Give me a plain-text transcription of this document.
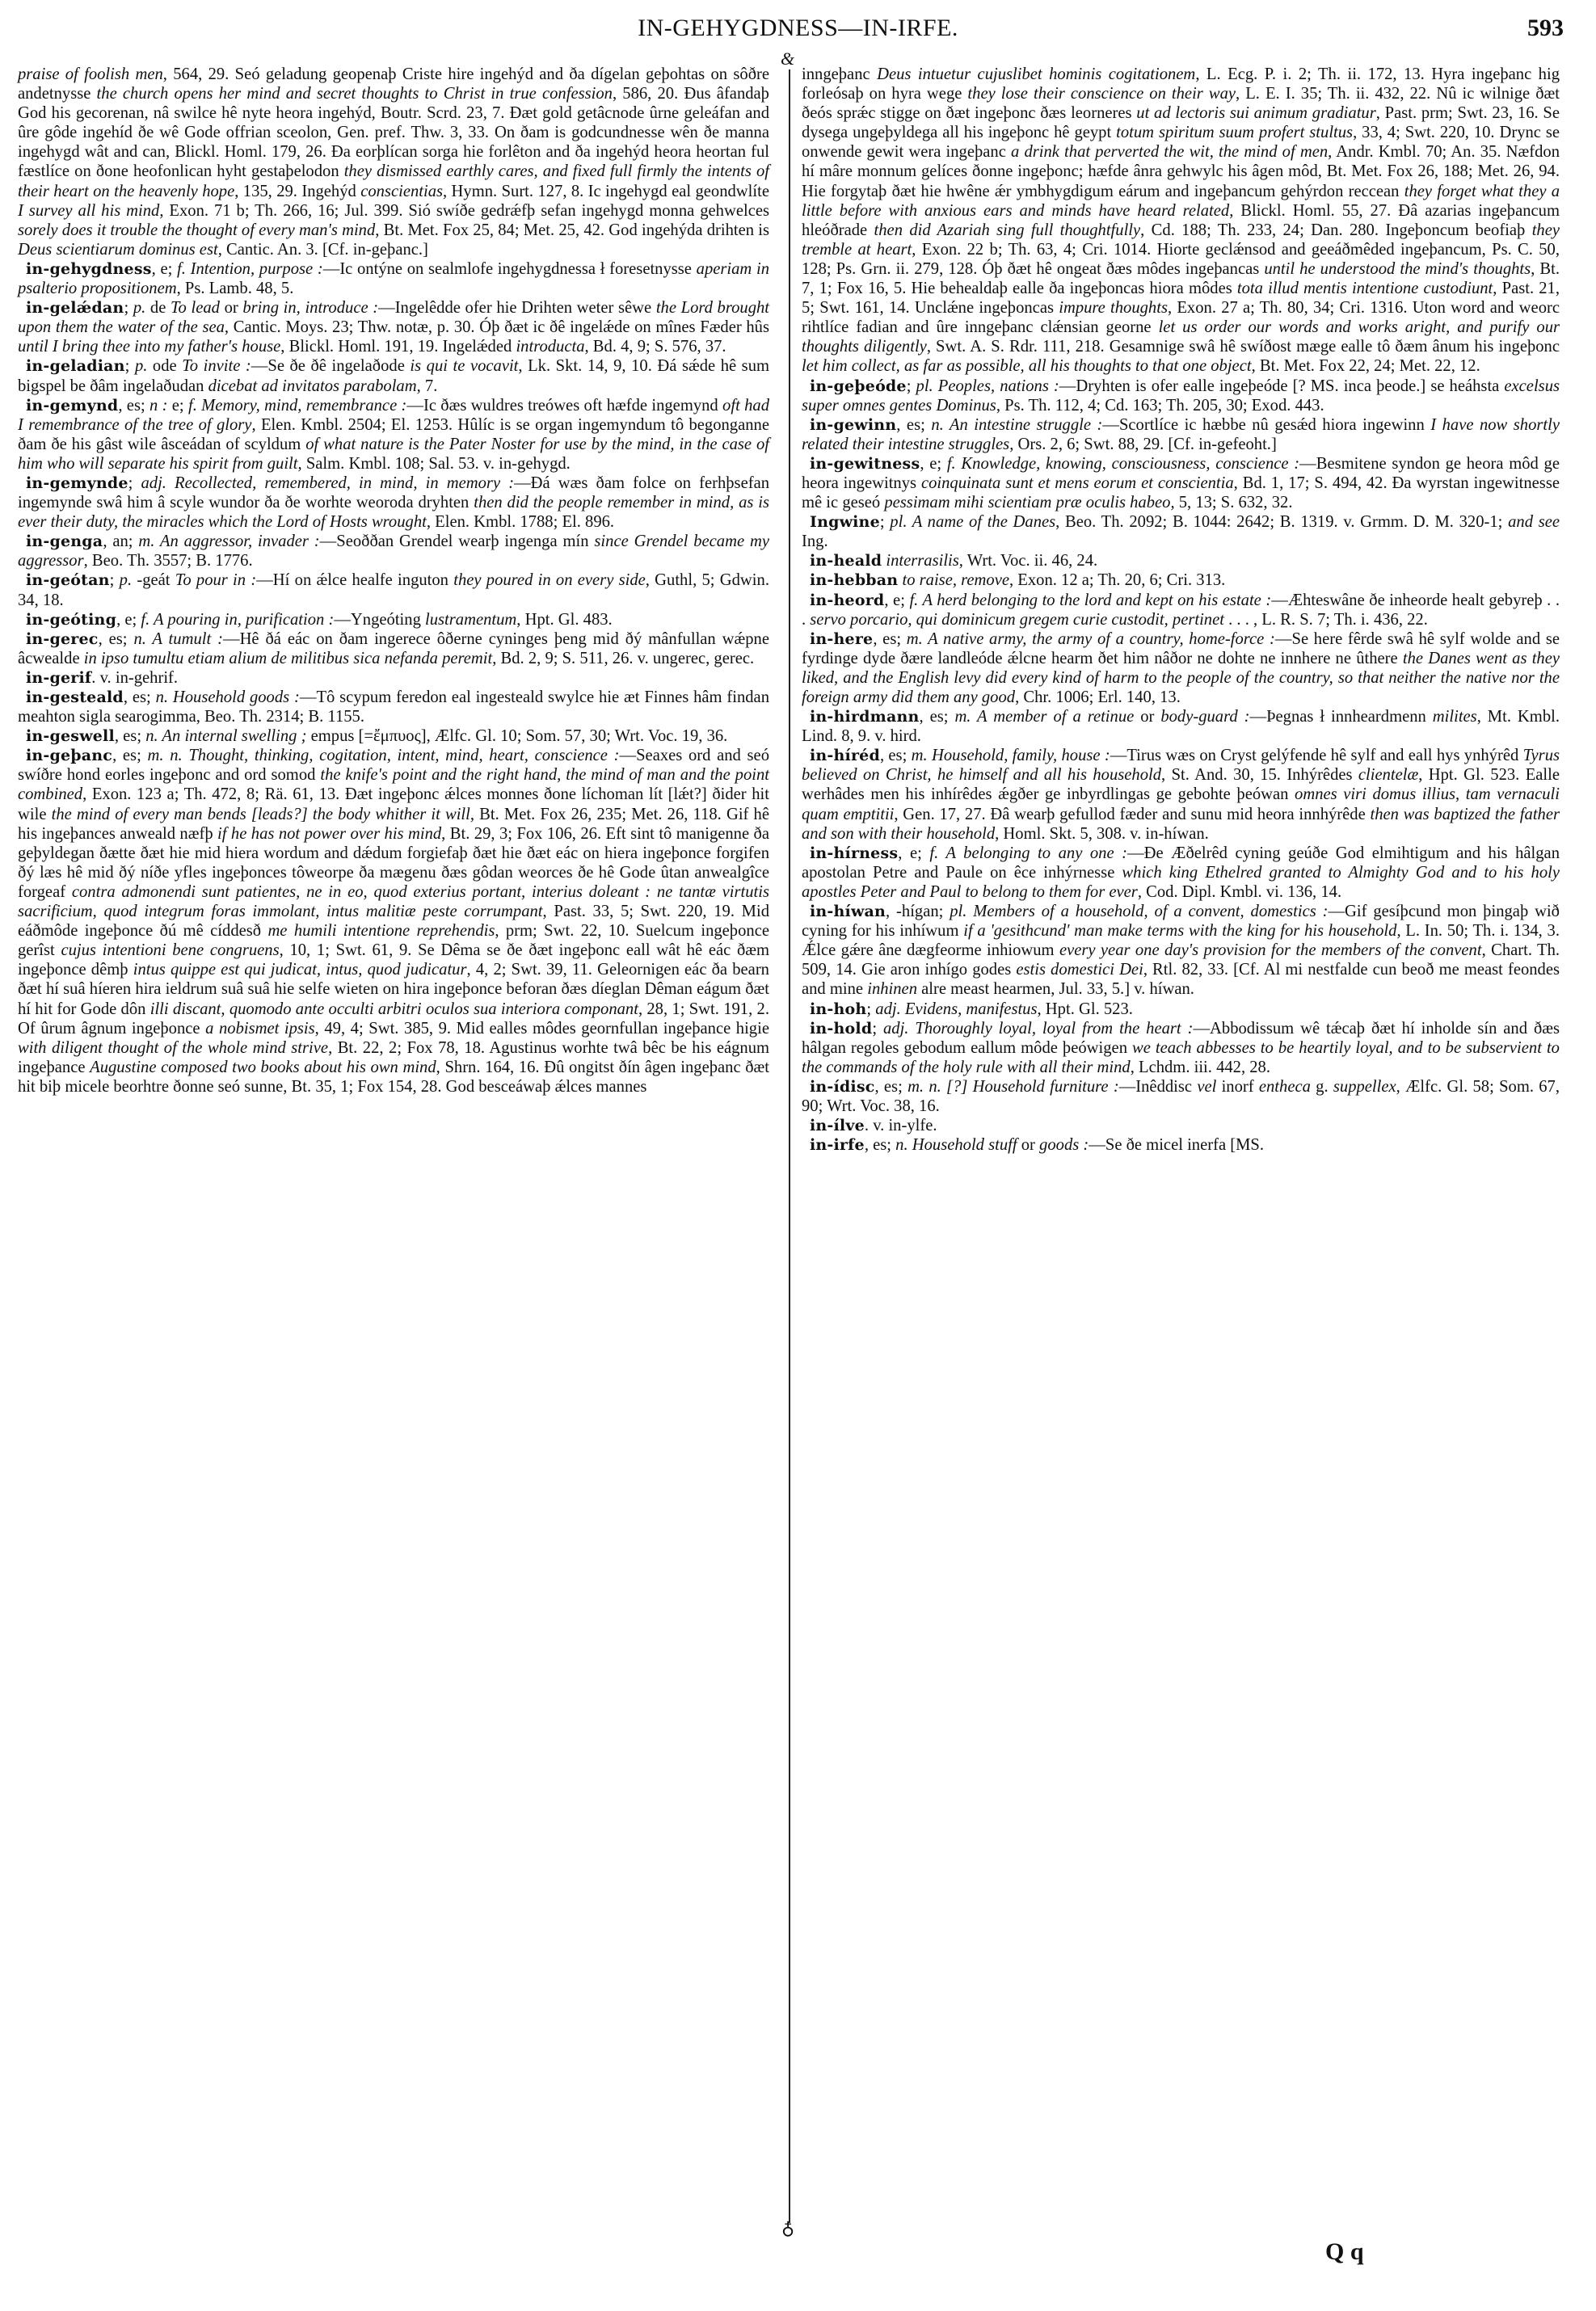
IN-GEHYGDNESS—IN-IRFE.	593
&
♁

praise of foolish men, 564, 29. Seó geladung geopenaþ Criste hire ingehýd and ða dígelan geþohtas on sôðre andetnysse the church opens her mind and secret thoughts to Christ in true confession, 586, 20. Ðus âfandaþ God his gecorenan, nâ swilce hê nyte heora ingehýd, Boutr. Scrd. 23, 7. Ðæt gold getâcnode ûrne geleáfan and ûre gôde ingehíd ðe wê Gode offrian sceolon, Gen. pref. Thw. 3, 33. On ðam is godcundnesse wên ðe manna ingehygd wât and can, Blickl. Homl. 179, 26. Ða eorþlícan sorga hie forlêton and ða ingehýd heora heortan ful fæstlíce on ðone heofonlican hyht gestaþelodon they dismissed earthly cares, and fixed full firmly the intents of their heart on the heavenly hope, 135, 29. Ingehýd conscientias, Hymn. Surt. 127, 8. Ic ingehygd eal geondwlíte I survey all his mind, Exon. 71 b; Th. 266, 16; Jul. 399. Sió swíðe gedrǽfþ sefan ingehygd monna gehwelces sorely does it trouble the thought of every man's mind, Bt. Met. Fox 25, 84; Met. 25, 42. God ingehýda drihten is Deus scientiarum dominus est, Cantic. An. 3. [Cf. in-geþanc.]

in-gehygdness, e; f. Intention, purpose :—Ic ontýne on sealmlofe ingehygdnessa ł foresetnysse aperiam in psalterio propositionem, Ps. Lamb. 48, 5.

in-gelǽdan; p. de To lead or bring in, introduce :—Ingelêdde ofer hie Drihten weter sêwe the Lord brought upon them the water of the sea, Cantic. Moys. 23; Thw. notæ, p. 30. Óþ ðæt ic ðê ingelǽde on mînes Fæder hûs until I bring thee into my father's house, Blickl. Homl. 191, 19. Ingelǽded introducta, Bd. 4, 9; S. 576, 37.

in-geladian; p. ode To invite :—Se ðe ðê ingelaðode is qui te vocavit, Lk. Skt. 14, 9, 10. Ðá sǽde hê sum bigspel be ðâm ingelaðudan dicebat ad invitatos parabolam, 7.

in-gemynd, es; n : e; f. Memory, mind, remembrance :—Ic ðæs wuldres treówes oft hæfde ingemynd oft had I remembrance of the tree of glory, Elen. Kmbl. 2504; El. 1253. Hûlíc is se organ ingemyndum tô begonganne ðam ðe his gâst wile âsceádan of scyldum of what nature is the Pater Noster for use by the mind, in the case of him who will separate his spirit from guilt, Salm. Kmbl. 108; Sal. 53. v. in-gehygd.

in-gemynde; adj. Recollected, remembered, in mind, in memory :—Ðá wæs ðam folce on ferhþsefan ingemynde swâ him â scyle wundor ða ðe worhte weoroda dryhten then did the people remember in mind, as is ever their duty, the miracles which the Lord of Hosts wrought, Elen. Kmbl. 1788; El. 896.

in-genga, an; m. An aggressor, invader :—Seoððan Grendel wearþ ingenga mín since Grendel became my aggressor, Beo. Th. 3557; B. 1776.

in-geótan; p. -geát To pour in :—Hí on ǽlce healfe inguton they poured in on every side, Guthl, 5; Gdwin. 34, 18.

in-geóting, e; f. A pouring in, purification :—Yngeóting lustramentum, Hpt. Gl. 483.

in-gerec, es; n. A tumult :—Hê ðá eác on ðam ingerece ôðerne cyninges þeng mid ðý mânfullan wǽpne âcwealde in ipso tumultu etiam alium de militibus sica nefanda peremit, Bd. 2, 9; S. 511, 26. v. ungerec, gerec.

in-gerif. v. in-gehrif.

in-gesteald, es; n. Household goods :—Tô scypum feredon eal ingesteald swylce hie æt Finnes hâm findan meahton sigla searogimma, Beo. Th. 2314; B. 1155.

in-geswell, es; n. An internal swelling ; empus [=ἔμπυος], Ælfc. Gl. 10; Som. 57, 30; Wrt. Voc. 19, 36.

in-geþanc, es; m. n. Thought, thinking, cogitation, intent, mind, heart, conscience :—Seaxes ord and seó swíðre hond eorles ingeþonc and ord somod the knife's point and the right hand, the mind of man and the point combined, Exon. 123 a; Th. 472, 8; Rä. 61, 13. Ðæt ingeþonc ǽlces monnes ðone líchoman lít [lǽt?] ðider hit wile the mind of every man bends [leads?] the body whither it will, Bt. Met. Fox 26, 235; Met. 26, 118. Gif hê his ingeþances anweald næfþ if he has not power over his mind, Bt. 29, 3; Fox 106, 26. Eft sint tô manigenne ða geþyldegan ðætte ðæt hie mid hiera wordum and dǽdum forgiefaþ ðæt hie ðæt eác on hiera ingeþonce forgifen ðý læs hê mid ðý níðe yfles ingeþonces tôweorpe ða mægenu ðæs gôdan weorces ðe hê Gode ûtan anwealgîce forgeaf contra admonendi sunt patientes, ne in eo, quod exterius portant, interius doleant : ne tantæ virtutis sacrificium, quod integrum foras immolant, intus malitiæ peste corrumpant, Past. 33, 5; Swt. 220, 19. Mid eáðmôde ingeþonce ðú mê cíddesð me humili intentione reprehendis, prm; Swt. 22, 10. Suelcum ingeþonce gerîst cujus intentioni bene congruens, 10, 1; Swt. 61, 9. Se Dêma se ðe ðæt ingeþonc eall wât hê eác ðæm ingeþonce dêmþ intus quippe est qui judicat, intus, quod judicatur, 4, 2; Swt. 39, 11. Geleornigen eác ða bearn ðæt hí suâ híeren hira ieldrum suâ suâ hie selfe wieten on hira ingeþonce beforan ðæs díeglan Dêman eágum ðæt hí hit for Gode dôn illi discant, quomodo ante occulti arbitri oculos sua interiora componant, 28, 1; Swt. 191, 2. Of ûrum âgnum ingeþonce a nobismet ipsis, 49, 4; Swt. 385, 9. Mid ealles môdes geornfullan ingeþance higie with diligent thought of the whole mind strive, Bt. 22, 2; Fox 78, 18. Agustinus worhte twâ bêc be his eágnum ingeþance Augustine composed two books about his own mind, Shrn. 164, 16. Ðû ongitst ðín âgen ingeþanc ðæt hit biþ micele beorhtre ðonne seó sunne, Bt. 35, 1; Fox 154, 28. God besceáwaþ ǽlces mannes

inngeþanc Deus intuetur cujuslibet hominis cogitationem, L. Ecg. P. i. 2; Th. ii. 172, 13. Hyra ingeþanc hig forleósaþ on hyra wege they lose their conscience on their way, L. E. I. 35; Th. ii. 432, 22. Nû ic wilnige ðæt ðeós sprǽc stigge on ðæt ingeþonc ðæs leorneres ut ad lectoris sui animum gradiatur, Past. prm; Swt. 23, 16. Se dysega ungeþyldega all his ingeþonc hê geypt totum spiritum suum profert stultus, 33, 4; Swt. 220, 10. Drync se onwende gewit wera ingeþanc a drink that perverted the wit, the mind of men, Andr. Kmbl. 70; An. 35. Næfdon hí mâre monnum gelíces ðonne ingeþonc; hæfde ânra gehwylc his âgen môd, Bt. Met. Fox 26, 188; Met. 26, 94. Hie forgytaþ ðæt hie hwêne ǽr ymbhygdigum eárum and ingeþancum gehýrdon reccean they forget what they a little before with anxious ears and minds have heard related, Blickl. Homl. 55, 27. Ðâ azarias ingeþancum hleóðrade then did Azariah sing full thoughtfully, Cd. 188; Th. 233, 24; Dan. 280. Ingeþoncum beofiaþ they tremble at heart, Exon. 22 b; Th. 63, 4; Cri. 1014. Hiorte geclǽnsod and geeáðmêded ingeþancum, Ps. C. 50, 128; Ps. Grn. ii. 279, 128. Óþ ðæt hê ongeat ðæs môdes ingeþancas until he understood the mind's thoughts, Bt. 7, 1; Fox 16, 5. Hie behealdaþ ealle ða ingeþoncas hiora môdes tota illud mentis intentione custodiunt, Past. 21, 5; Swt. 161, 14. Unclǽne ingeþoncas impure thoughts, Exon. 27 a; Th. 80, 34; Cri. 1316. Uton word and weorc rihtlíce fadian and ûre inngeþanc clǽnsian georne let us order our words and works aright, and purify our thoughts diligently, Swt. A. S. Rdr. 111, 218. Gesamnige swâ hê swíðost mæge ealle tô ðæm ânum his ingeþonc let him collect, as far as possible, all his thoughts to that one object, Bt. Met. Fox 22, 24; Met. 22, 12.

in-geþeóde; pl. Peoples, nations :—Dryhten is ofer ealle ingeþeóde [? MS. inca þeode.] se heáhsta excelsus super omnes gentes Dominus, Ps. Th. 112, 4; Cd. 163; Th. 205, 30; Exod. 443.

in-gewinn, es; n. An intestine struggle :—Scortlíce ic hæbbe nû gesǽd hiora ingewinn I have now shortly related their intestine struggles, Ors. 2, 6; Swt. 88, 29. [Cf. in-gefeoht.]

in-gewitness, e; f. Knowledge, knowing, consciousness, conscience :—Besmitene syndon ge heora môd ge heora ingewitnys coinquinata sunt et mens eorum et conscientia, Bd. 1, 17; S. 494, 42. Ða wyrstan ingewitnesse mê ic geseó pessimam mihi scientiam præ oculis habeo, 5, 13; S. 632, 32.

Ingwine; pl. A name of the Danes, Beo. Th. 2092; B. 1044: 2642; B. 1319. v. Grmm. D. M. 320-1; and see Ing.

in-heald interrasilis, Wrt. Voc. ii. 46, 24.

in-hebban to raise, remove, Exon. 12 a; Th. 20, 6; Cri. 313.

in-heord, e; f. A herd belonging to the lord and kept on his estate :—Æhteswâne ðe inheorde healt gebyreþ . . . servo porcario, qui dominicum gregem curie custodit, pertinet . . . , L. R. S. 7; Th. i. 436, 22.

in-here, es; m. A native army, the army of a country, home-force :—Se here fêrde swâ hê sylf wolde and se fyrdinge dyde ðære landleóde ǽlcne hearm ðet him nâðor ne dohte ne innhere ne ûthere the Danes went as they liked, and the English levy did every kind of harm to the people of the country, so that neither the native nor the foreign army did them any good, Chr. 1006; Erl. 140, 13.

in-hirdmann, es; m. A member of a retinue or body-guard :—Þegnas ł innheardmenn milites, Mt. Kmbl. Lind. 8, 9. v. hird.

in-híréd, es; m. Household, family, house :—Tirus wæs on Cryst gelýfende hê sylf and eall hys ynhýrêd Tyrus believed on Christ, he himself and all his household, St. And. 30, 15. Inhýrêdes clientelæ, Hpt. Gl. 523. Ealle werhâdes men his inhírêdes ǽgðer ge inbyrdlingas ge gebohte þeówan omnes viri domus illius, tam vernaculi quam emptitii, Gen. 17, 27. Ðâ wearþ gefullod fæder and sunu mid heora innhýrêde then was baptized the father and son with their household, Homl. Skt. 5, 308. v. in-híwan.

in-hírness, e; f. A belonging to any one :—Ðe Æðelrêd cyning geúðe God elmihtigum and his hâlgan apostolan Petre and Paule on êce inhýrnesse which king Ethelred granted to Almighty God and to his holy apostles Peter and Paul to belong to them for ever, Cod. Dipl. Kmbl. vi. 136, 14.

in-híwan, -hígan; pl. Members of a household, of a convent, domestics :—Gif gesíþcund mon þingaþ wið cyning for his inhíwum if a 'gesithcund' man make terms with the king for his household, L. In. 50; Th. i. 134, 3. Ǽlce gǽre âne dægfeorme inhiowum every year one day's provision for the members of the convent, Chart. Th. 509, 14. Gie aron inhígo godes estis domestici Dei, Rtl. 82, 33. [Cf. Al mi nestfalde cun beoð me meast feondes and mine inhinen alre meast hearmen, Jul. 33, 5.] v. híwan.

in-hoh; adj. Evidens, manifestus, Hpt. Gl. 523.

in-hold; adj. Thoroughly loyal, loyal from the heart :—Abbodissum wê tǽcaþ ðæt hí inholde sín and ðæs hâlgan regoles gebodum eallum môde þeówigen we teach abbesses to be heartily loyal, and to be subservient to the commands of the holy rule with all their mind, Lchdm. iii. 442, 28.

in-ídisc, es; m. n. [?] Household furniture :—Inêddisc vel inorf entheca g. suppellex, Ælfc. Gl. 58; Som. 67, 90; Wrt. Voc. 38, 16.

in-ílve. v. in-ylfe.

in-irfe, es; n. Household stuff or goods :—Se ðe micel inerfa [MS.

Q q
